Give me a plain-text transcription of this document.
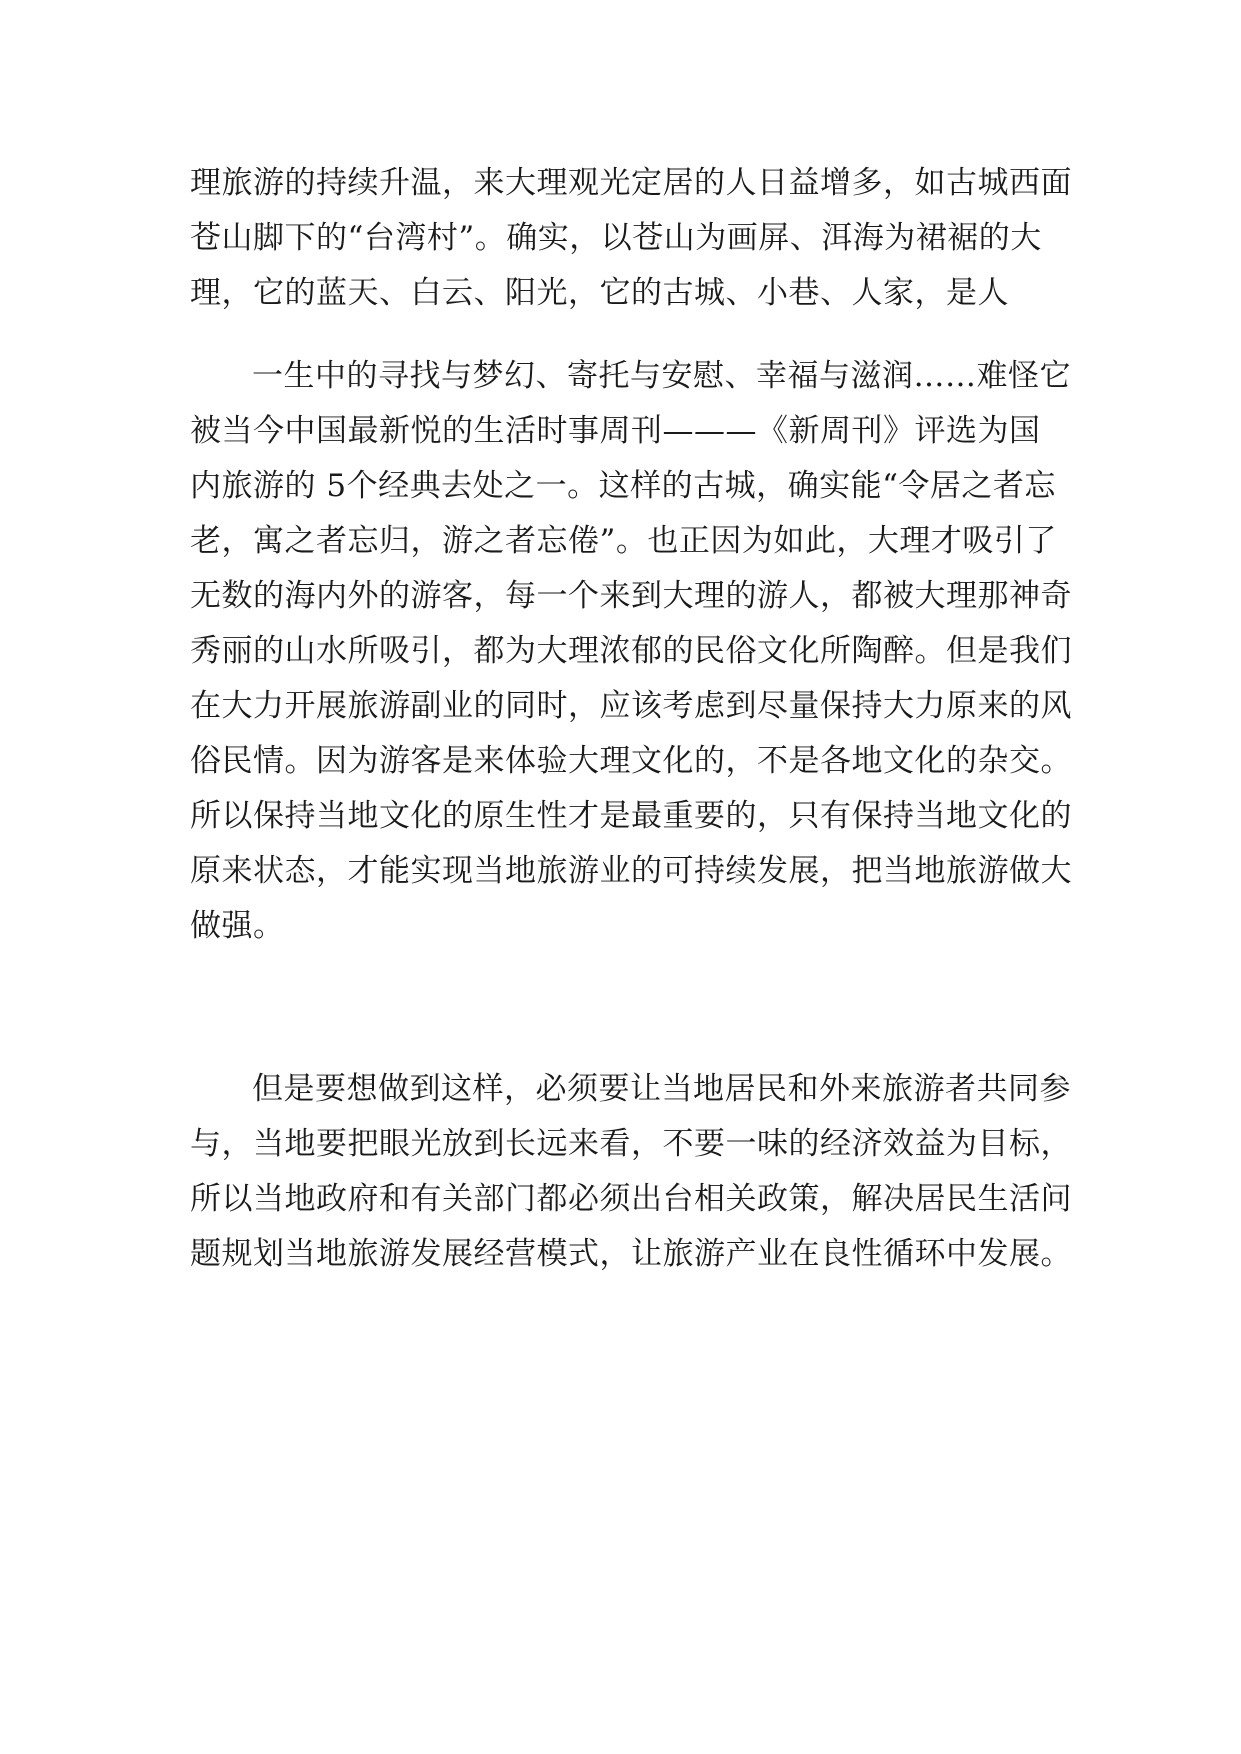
理旅游的持续升温，来大理观光定居的人日益增多，如古城西面
苍山脚下的“台湾村”。确实，以苍山为画屏、洱海为裙裾的大
理，它的蓝天、白云、阳光，它的古城、小巷、人家，是人
一生中的寻找与梦幻、寄托与安慰、幸福与滋润……难怪它
被当今中国最新悦的生活时事周刊———《新周刊》评选为国
内旅游的 5个经典去处之一。这样的古城，确实能“令居之者忘
老，寓之者忘归，游之者忘倦”。也正因为如此，大理才吸引了
无数的海内外的游客，每一个来到大理的游人，都被大理那神奇
秀丽的山水所吸引，都为大理浓郁的民俗文化所陶醉。但是我们
在大力开展旅游副业的同时，应该考虑到尽量保持大力原来的风
俗民情。因为游客是来体验大理文化的，不是各地文化的杂交。
所以保持当地文化的原生性才是最重要的，只有保持当地文化的
原来状态，才能实现当地旅游业的可持续发展，把当地旅游做大
做强。
但是要想做到这样，必须要让当地居民和外来旅游者共同参
与，当地要把眼光放到长远来看，不要一味的经济效益为目标，
所以当地政府和有关部门都必须出台相关政策，解决居民生活问
题规划当地旅游发展经营模式，让旅游产业在良性循环中发展。
